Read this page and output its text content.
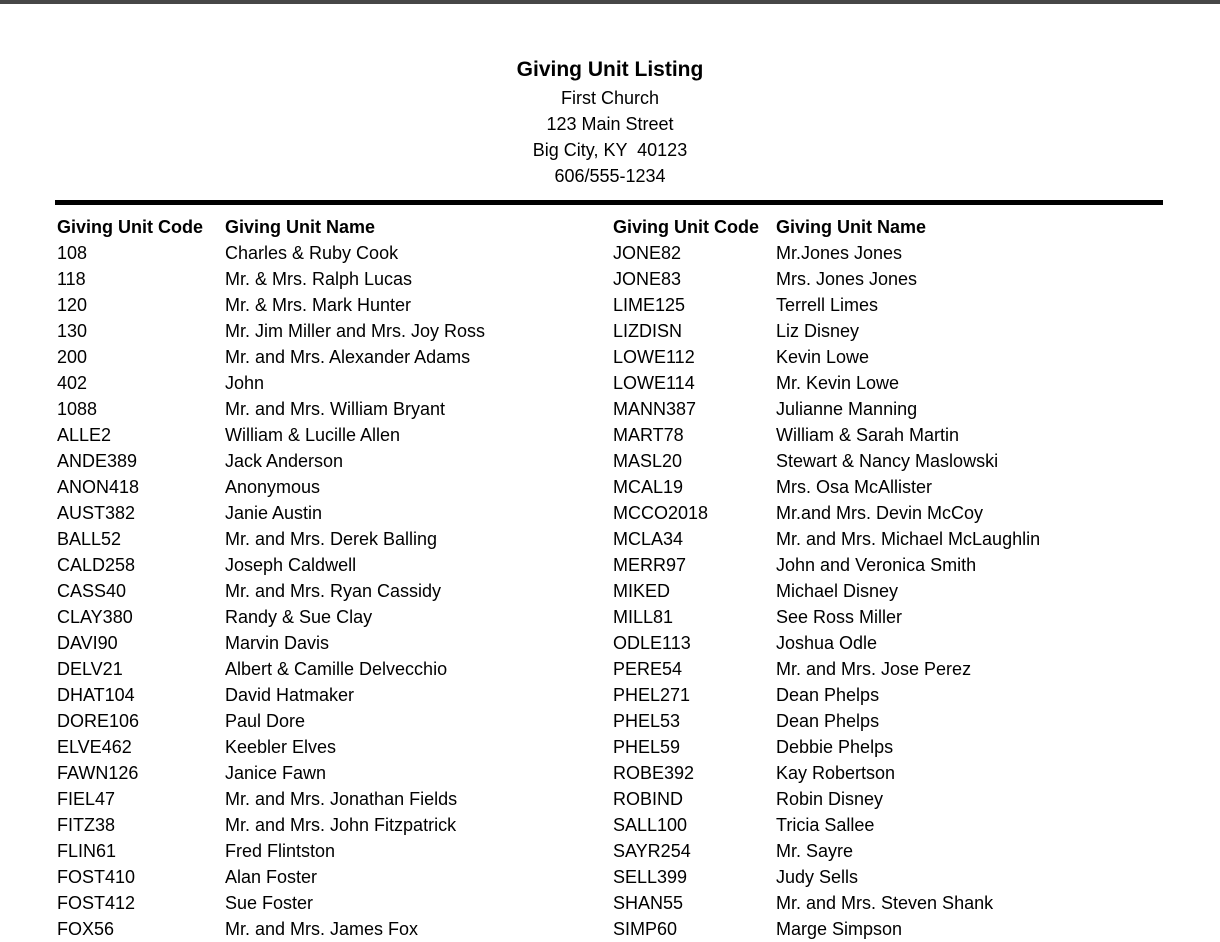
Giving Unit Listing
First Church
123 Main Street
Big City, KY  40123
606/555-1234
Giving Unit Code	Giving Unit Name
108	Charles & Ruby Cook
118	Mr. & Mrs. Ralph Lucas
120	Mr. & Mrs. Mark Hunter
130	Mr. Jim Miller and Mrs. Joy Ross
200	Mr. and Mrs. Alexander Adams
402	John
1088	Mr. and Mrs. William Bryant
ALLE2	William & Lucille Allen
ANDE389	Jack Anderson
ANON418	Anonymous
AUST382	Janie Austin
BALL52	Mr. and Mrs. Derek Balling
CALD258	Joseph Caldwell
CASS40	Mr. and Mrs. Ryan Cassidy
CLAY380	Randy & Sue Clay
DAVI90	Marvin Davis
DELV21	Albert & Camille Delvecchio
DHAT104	David Hatmaker
DORE106	Paul Dore
ELVE462	Keebler Elves
FAWN126	Janice Fawn
FIEL47	Mr. and Mrs. Jonathan Fields
FITZ38	Mr. and Mrs. John Fitzpatrick
FLIN61	Fred Flintston
FOST410	Alan Foster
FOST412	Sue Foster
FOX56	Mr. and Mrs. James Fox
Giving Unit Code Giving Unit Name
JONE82	Mr.Jones Jones
JONE83	Mrs. Jones Jones
LIME125	Terrell Limes
LIZDISN	Liz Disney
LOWE112	Kevin Lowe
LOWE114	Mr. Kevin Lowe
MANN387	Julianne Manning
MART78	William & Sarah Martin
MASL20	Stewart & Nancy Maslowski
MCAL19	Mrs. Osa McAllister
MCCO2018	Mr.and Mrs. Devin McCoy
MCLA34	Mr. and Mrs. Michael McLaughlin
MERR97	John and Veronica Smith
MIKED	Michael Disney
MILL81	See Ross Miller
ODLE113	Joshua Odle
PERE54	Mr. and Mrs. Jose Perez
PHEL271	Dean Phelps
PHEL53	Dean Phelps
PHEL59	Debbie Phelps
ROBE392	Kay Robertson
ROBIND	Robin Disney
SALL100	Tricia Sallee
SAYR254	Mr. Sayre
SELL399	Judy Sells
SHAN55	Mr. and Mrs. Steven Shank
SIMP60	Marge Simpson
